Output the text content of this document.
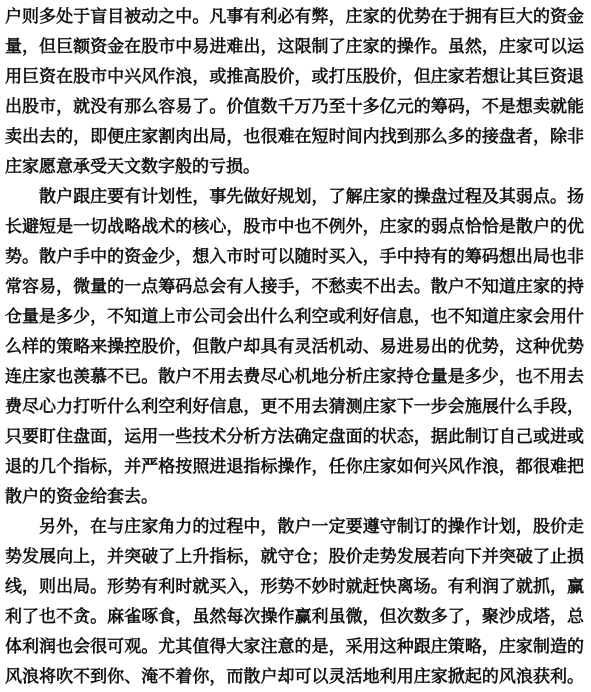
户则多处于盲目被动之中。凡事有利必有弊，庄家的优势在于拥有巨大的资金
量，但巨额资金在股市中易进难出，这限制了庄家的操作。虽然，庄家可以运
用巨资在股市中兴风作浪，或推高股价，或打压股价，但庄家若想让其巨资退
出股市，就没有那么容易了。价值数千万乃至十多亿元的筹码，不是想卖就能
卖出去的，即便庄家割肉出局，也很难在短时间内找到那么多的接盘者，除非
庄家愿意承受天文数字般的亏损。
　　散户跟庄要有计划性，事先做好规划，了解庄家的操盘过程及其弱点。扬
长避短是一切战略战术的核心，股市中也不例外，庄家的弱点恰恰是散户的优
势。散户手中的资金少，想入市时可以随时买入，手中持有的筹码想出局也非
常容易，微量的一点筹码总会有人接手，不愁卖不出去。散户不知道庄家的持
仓量是多少，不知道上市公司会出什么利空或利好信息，也不知道庄家会用什
么样的策略来操控股价，但散户却具有灵活机动、易进易出的优势，这种优势
连庄家也羡慕不已。散户不用去费尽心机地分析庄家持仓量是多少，也不用去
费尽心力打听什么利空利好信息，更不用去猜测庄家下一步会施展什么手段，
只要盯住盘面，运用一些技术分析方法确定盘面的状态，据此制订自己或进或
退的几个指标，并严格按照进退指标操作，任你庄家如何兴风作浪，都很难把
散户的资金给套去。
　　另外，在与庄家角力的过程中，散户一定要遵守制订的操作计划，股价走
势发展向上，并突破了上升指标，就守仓；股价走势发展若向下并突破了止损
线，则出局。形势有利时就买入，形势不妙时就赶快离场。有利润了就抓，赢
利了也不贪。麻雀啄食，虽然每次操作赢利虽微，但次数多了，聚沙成塔，总
体利润也会很可观。尤其值得大家注意的是，采用这种跟庄策略，庄家制造的
风浪将吹不到你、淹不着你，而散户却可以灵活地利用庄家掀起的风浪获利。
